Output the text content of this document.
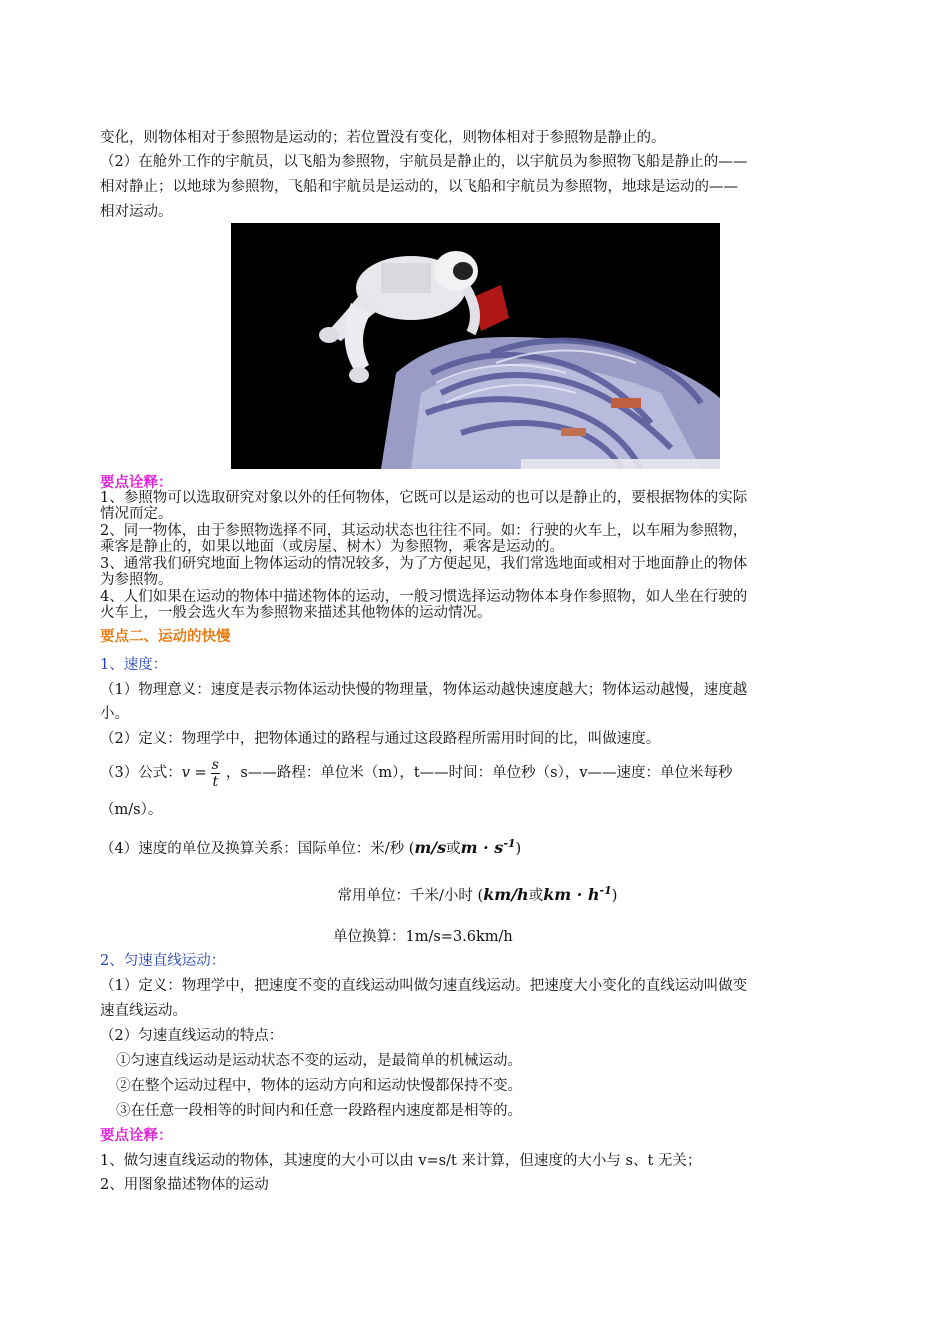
变化，则物体相对于参照物是运动的；若位置没有变化，则物体相对于参照物是静止的。
（2）在舱外工作的宇航员，以飞船为参照物，宇航员是静止的，以宇航员为参照物飞船是静止的——
相对静止；以地球为参照物，飞船和宇航员是运动的，以飞船和宇航员为参照物，地球是运动的——
相对运动。
要点诠释：
1、参照物可以选取研究对象以外的任何物体，它既可以是运动的也可以是静止的，要根据物体的实际
情况而定。
2、同一物体，由于参照物选择不同，其运动状态也往往不同。如：行驶的火车上，以车厢为参照物，
乘客是静止的，如果以地面（或房屋、树木）为参照物，乘客是运动的。
3、通常我们研究地面上物体运动的情况较多，为了方便起见，我们常选地面或相对于地面静止的物体
为参照物。
4、人们如果在运动的物体中描述物体的运动，一般习惯选择运动物体本身作参照物，如人坐在行驶的
火车上，一般会选火车为参照物来描述其他物体的运动情况。
要点二、运动的快慢
1、速度：
（1）物理意义：速度是表示物体运动快慢的物理量，物体运动越快速度越大；物体运动越慢，速度越
小。
（2）定义：物理学中，把物体通过的路程与通过这段路程所需用时间的比，叫做速度。
（3）公式：$v = \frac{s}{t}$ ，s——路程：单位米（m），t——时间：单位秒（s），v——速度：单位米每秒
（m/s）。
（4）速度的单位及换算关系：国际单位：米/秒 (m/s或$m \cdot s^{-1}$)
常用单位：千米/小时 (km/h或km · $h^{-1}$)
单位换算：1m/s=3.6km/h
2、匀速直线运动：
（1）定义：物理学中，把速度不变的直线运动叫做匀速直线运动。把速度大小变化的直线运动叫做变
速直线运动。
（2）匀速直线运动的特点：
①匀速直线运动是运动状态不变的运动，是最简单的机械运动。
②在整个运动过程中，物体的运动方向和运动快慢都保持不变。
③在任意一段相等的时间内和任意一段路程内速度都是相等的。
要点诠释：
1、做匀速直线运动的物体，其速度的大小可以由 v=s/t 来计算，但速度的大小与 s、t 无关；
2、用图象描述物体的运动
